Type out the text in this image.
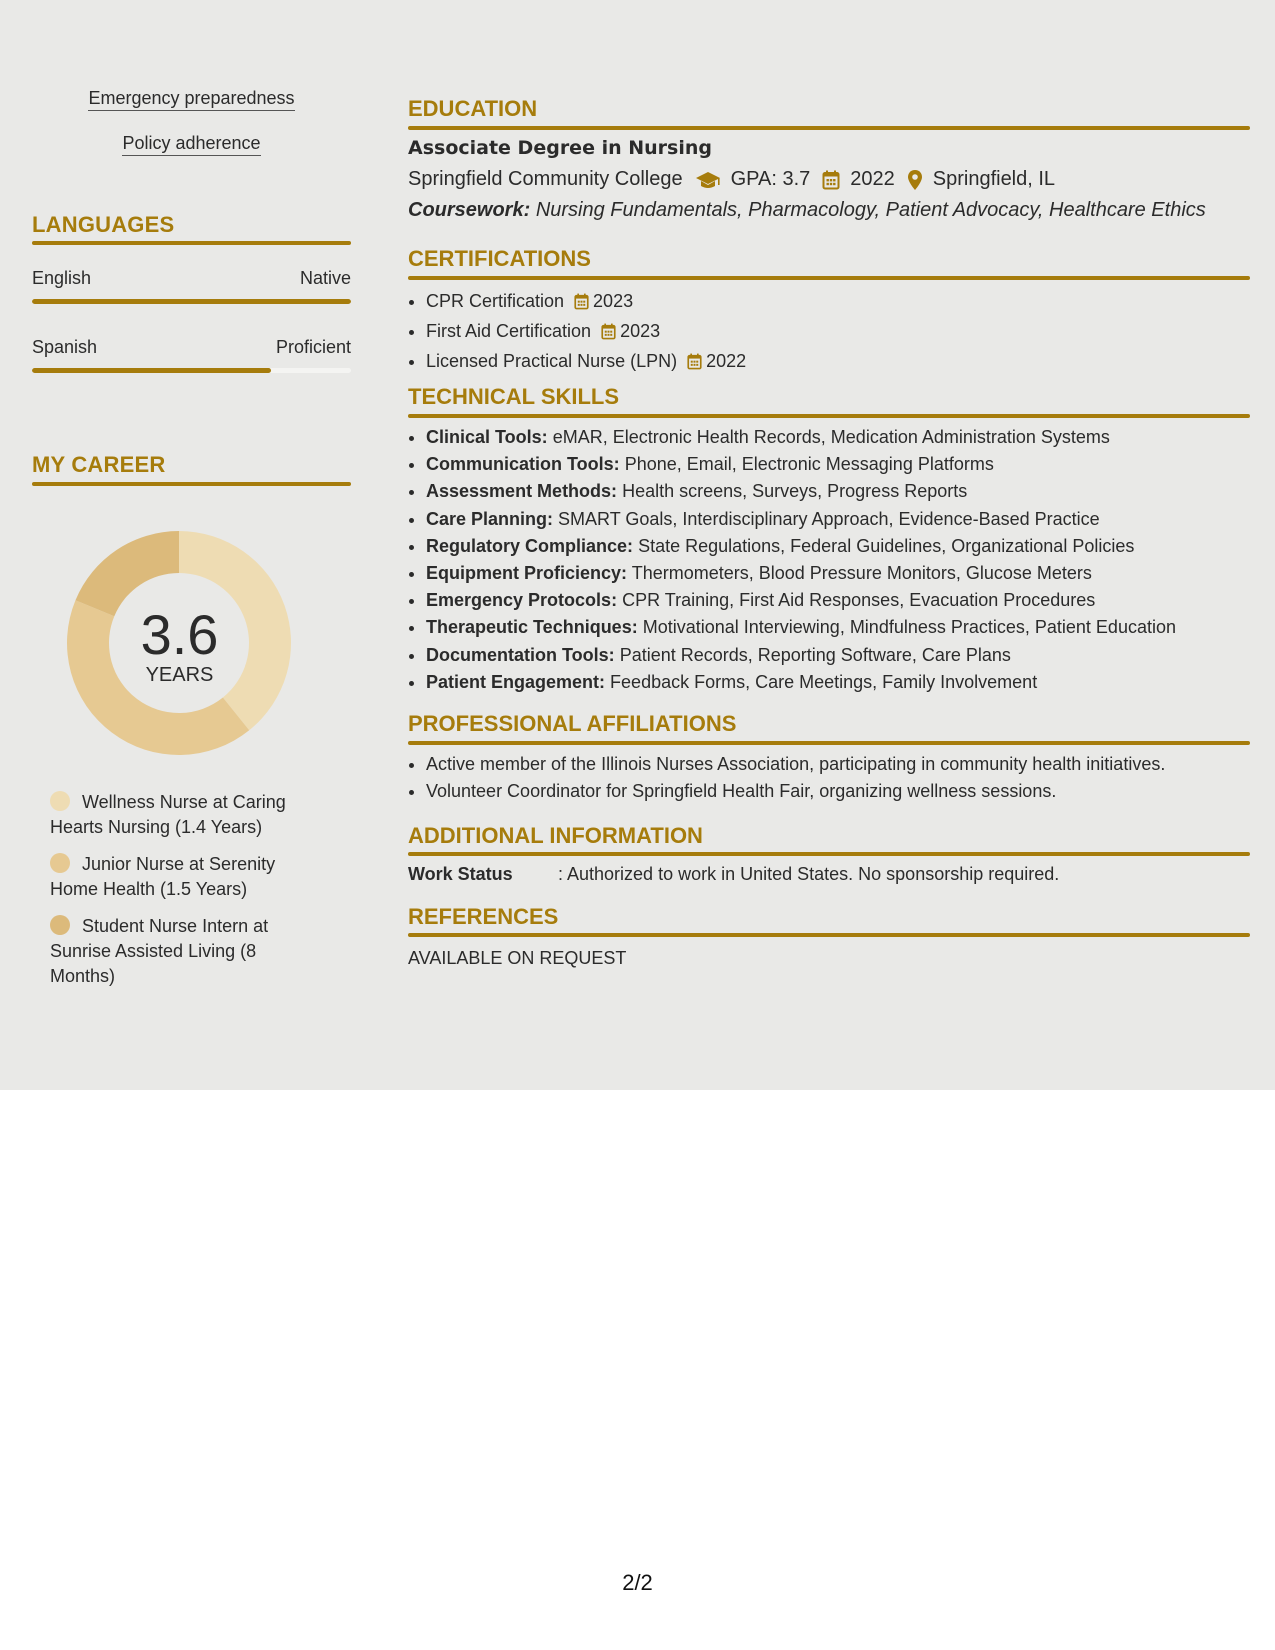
Emergency preparedness
Policy adherence
LANGUAGES
English	Native
Spanish	Proficient
MY CAREER
3.6
YEARS
Wellness Nurse at Caring Hearts Nursing (1.4 Years)
Junior Nurse at Serenity Home Health (1.5 Years)
Student Nurse Intern at Sunrise Assisted Living (8 Months)
EDUCATION
Associate Degree in Nursing
Springfield Community College GPA: 3.7 2022 Springfield, IL
Coursework: Nursing Fundamentals, Pharmacology, Patient Advocacy, Healthcare Ethics
CERTIFICATIONS
• CPR Certification 2023
• First Aid Certification 2023
• Licensed Practical Nurse (LPN) 2022
TECHNICAL SKILLS
• Clinical Tools: eMAR, Electronic Health Records, Medication Administration Systems
• Communication Tools: Phone, Email, Electronic Messaging Platforms
• Assessment Methods: Health screens, Surveys, Progress Reports
• Care Planning: SMART Goals, Interdisciplinary Approach, Evidence-Based Practice
• Regulatory Compliance: State Regulations, Federal Guidelines, Organizational Policies
• Equipment Proficiency: Thermometers, Blood Pressure Monitors, Glucose Meters
• Emergency Protocols: CPR Training, First Aid Responses, Evacuation Procedures
• Therapeutic Techniques: Motivational Interviewing, Mindfulness Practices, Patient Education
• Documentation Tools: Patient Records, Reporting Software, Care Plans
• Patient Engagement: Feedback Forms, Care Meetings, Family Involvement
PROFESSIONAL AFFILIATIONS
• Active member of the Illinois Nurses Association, participating in community health initiatives.
• Volunteer Coordinator for Springfield Health Fair, organizing wellness sessions.
ADDITIONAL INFORMATION
Work Status	: Authorized to work in United States. No sponsorship required.
REFERENCES
AVAILABLE ON REQUEST
2/2
